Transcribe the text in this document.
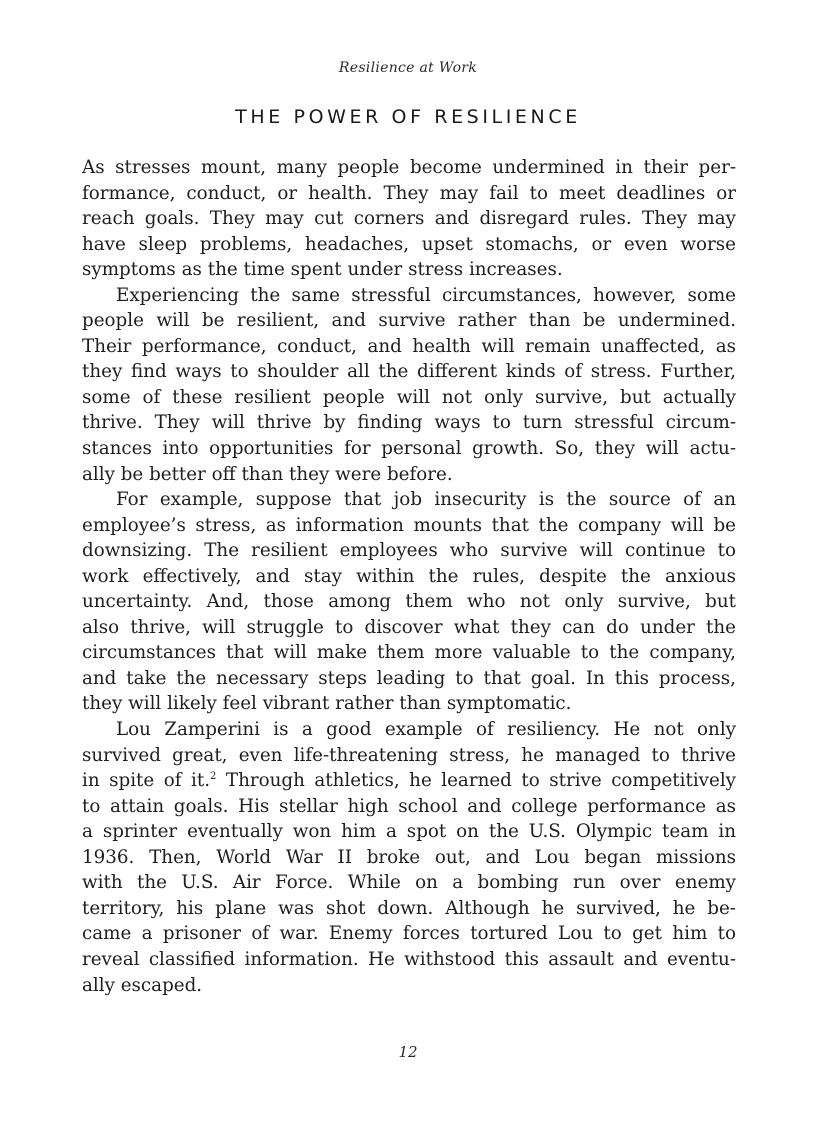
Resilience at Work
THE POWER OF RESILIENCE
As stresses mount, many people become undermined in their per-
formance, conduct, or health. They may fail to meet deadlines or
reach goals. They may cut corners and disregard rules. They may
have sleep problems, headaches, upset stomachs, or even worse
symptoms as the time spent under stress increases.
Experiencing the same stressful circumstances, however, some
people will be resilient, and survive rather than be undermined.
Their performance, conduct, and health will remain unaffected, as
they find ways to shoulder all the different kinds of stress. Further,
some of these resilient people will not only survive, but actually
thrive. They will thrive by finding ways to turn stressful circum-
stances into opportunities for personal growth. So, they will actu-
ally be better off than they were before.
For example, suppose that job insecurity is the source of an
employee’s stress, as information mounts that the company will be
downsizing. The resilient employees who survive will continue to
work effectively, and stay within the rules, despite the anxious
uncertainty. And, those among them who not only survive, but
also thrive, will struggle to discover what they can do under the
circumstances that will make them more valuable to the company,
and take the necessary steps leading to that goal. In this process,
they will likely feel vibrant rather than symptomatic.
Lou Zamperini is a good example of resiliency. He not only
survived great, even life-threatening stress, he managed to thrive
in spite of it.$^2$ Through athletics, he learned to strive competitively
to attain goals. His stellar high school and college performance as
a sprinter eventually won him a spot on the U.S. Olympic team in
1936. Then, World War II broke out, and Lou began missions
with the U.S. Air Force. While on a bombing run over enemy
territory, his plane was shot down. Although he survived, he be-
came a prisoner of war. Enemy forces tortured Lou to get him to
reveal classified information. He withstood this assault and eventu-
ally escaped.
12
